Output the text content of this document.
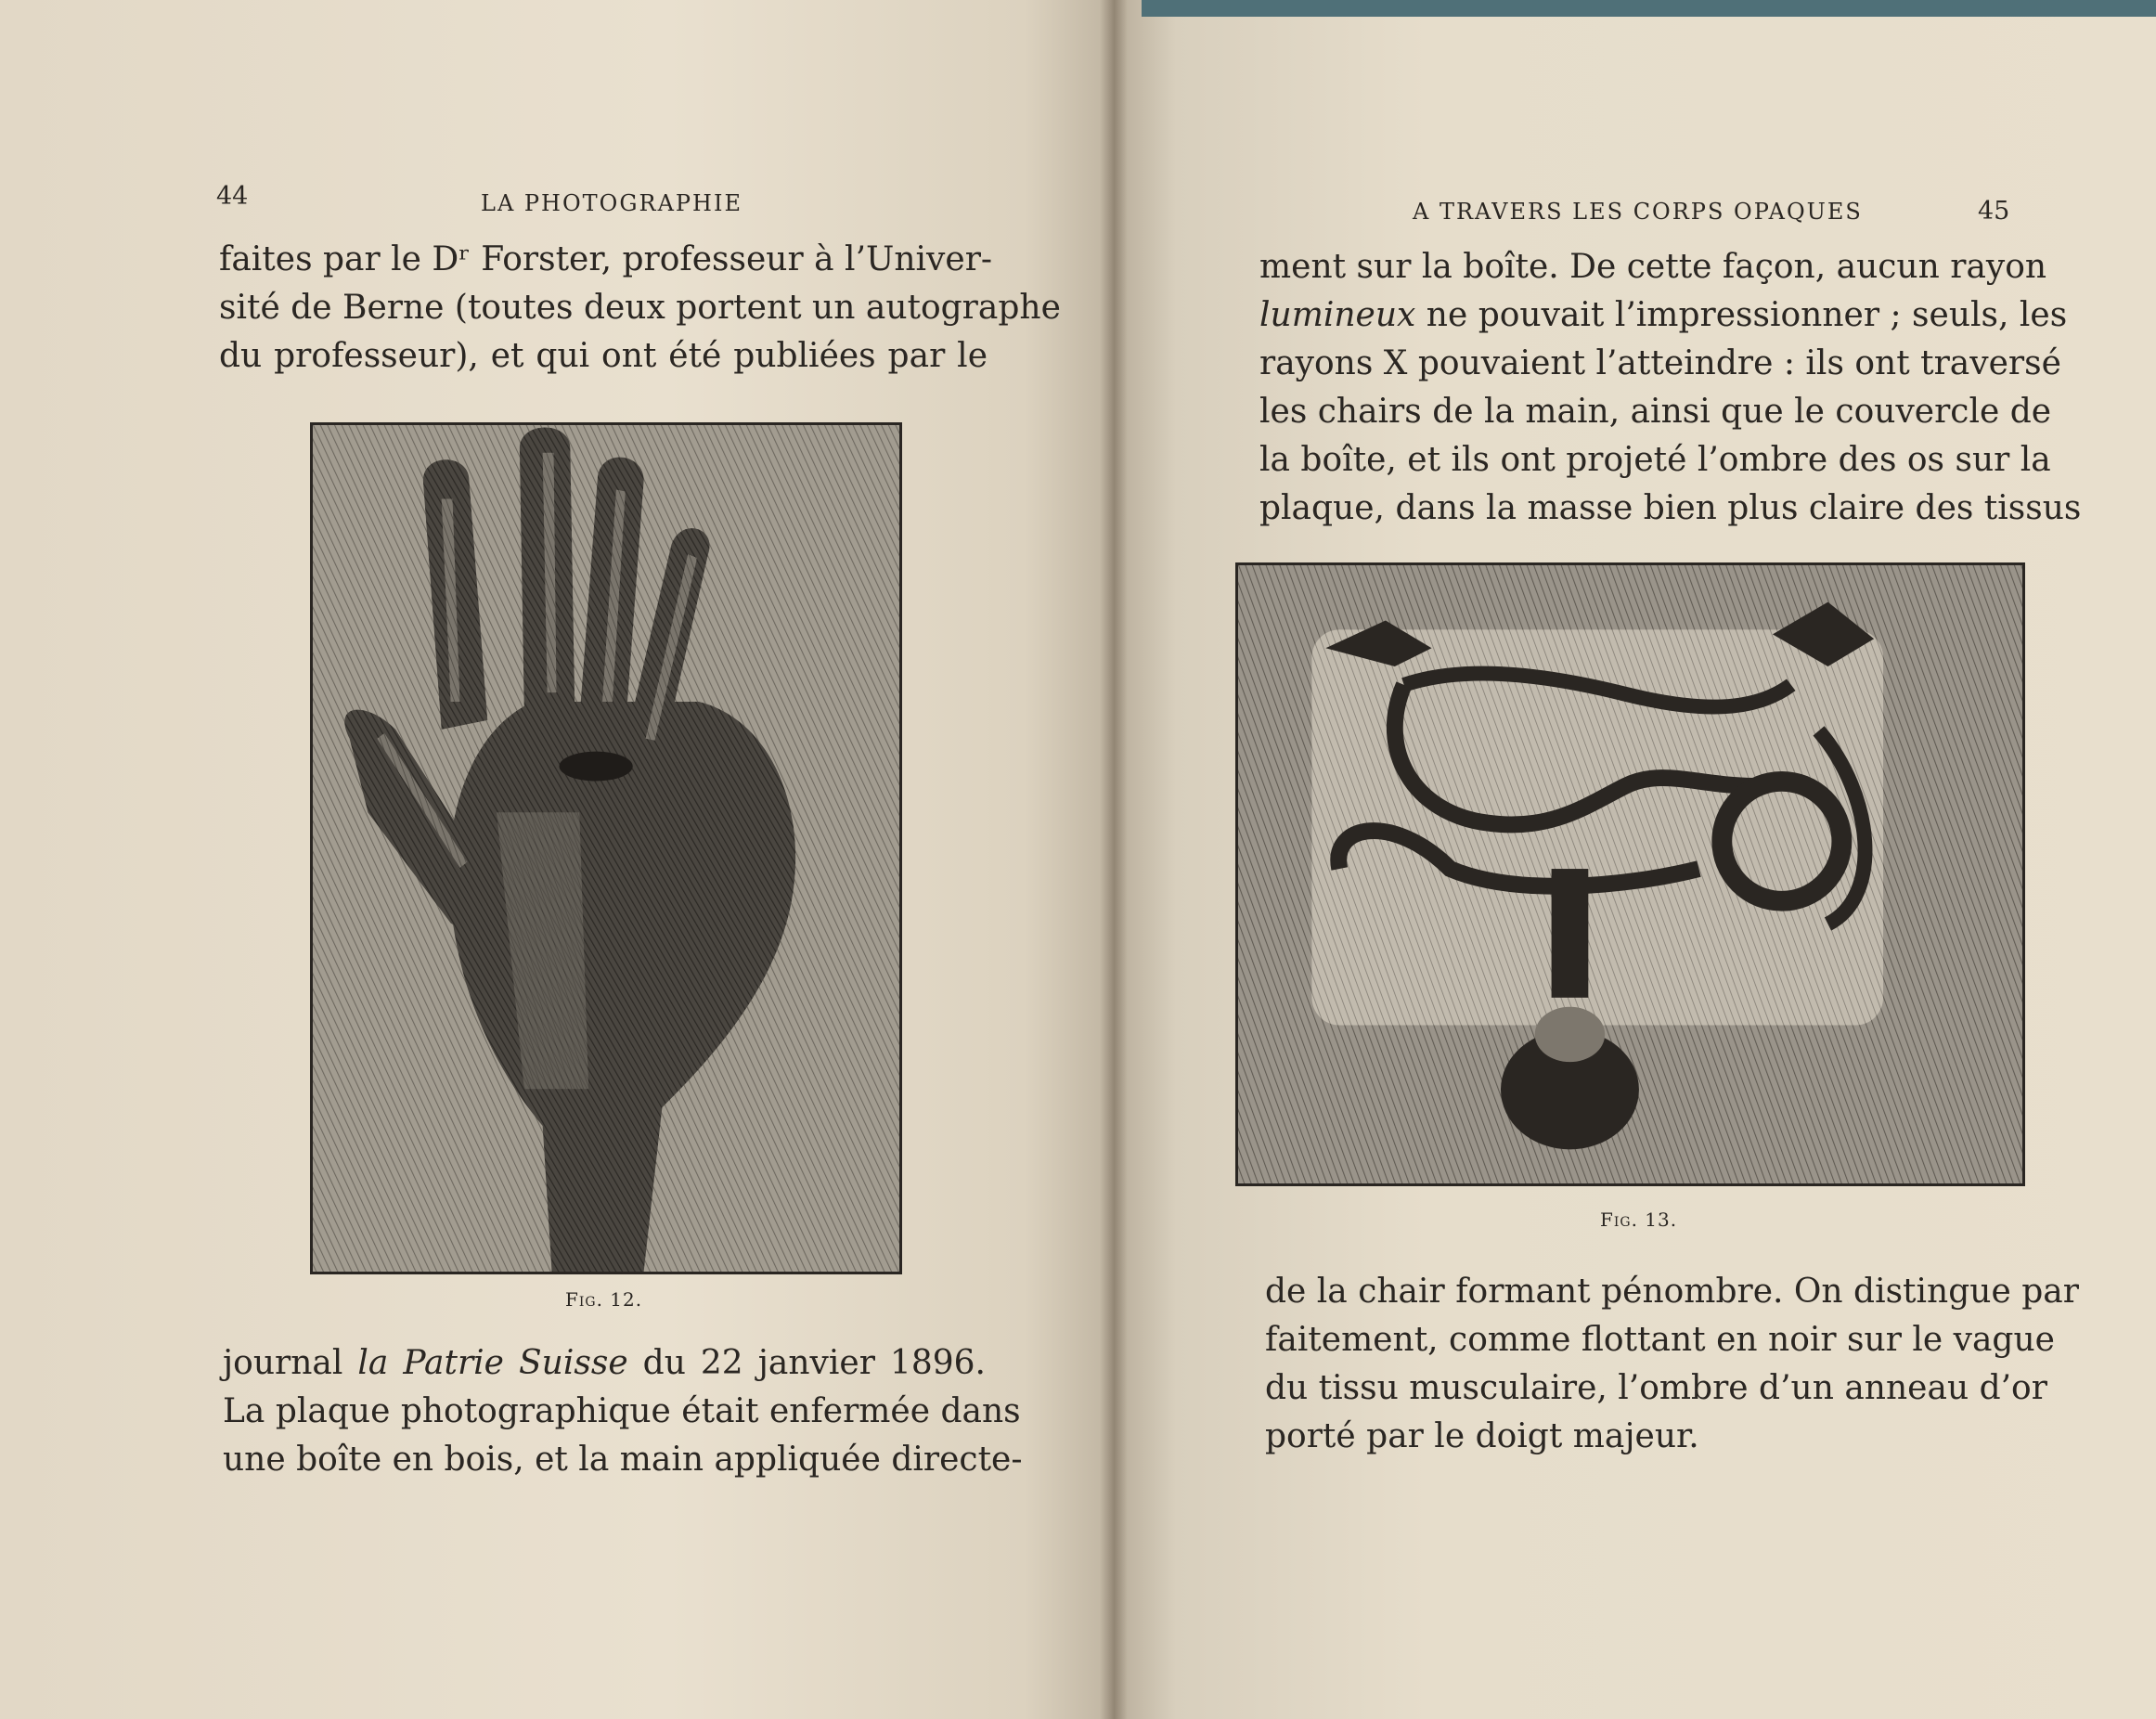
44	LA PHOTOGRAPHIE
faites par le Dʳ Forster, professeur à l’Univer-
sité de Berne (toutes deux portent un autographe
du professeur), et qui ont été publiées par le
Fig. 12.
journal la Patrie Suisse du 22 janvier 1896.
La plaque photographique était enfermée dans
une boîte en bois, et la main appliquée directe-
A TRAVERS LES CORPS OPAQUES	45
ment sur la boîte. De cette façon, aucun rayon
lumineux ne pouvait l’impressionner ; seuls, les
rayons X pouvaient l’atteindre : ils ont traversé
les chairs de la main, ainsi que le couvercle de
la boîte, et ils ont projeté l’ombre des os sur la
plaque, dans la masse bien plus claire des tissus
Fig. 13.
de la chair formant pénombre. On distingue par
faitement, comme flottant en noir sur le vague
du tissu musculaire, l’ombre d’un anneau d’or
porté par le doigt majeur.
